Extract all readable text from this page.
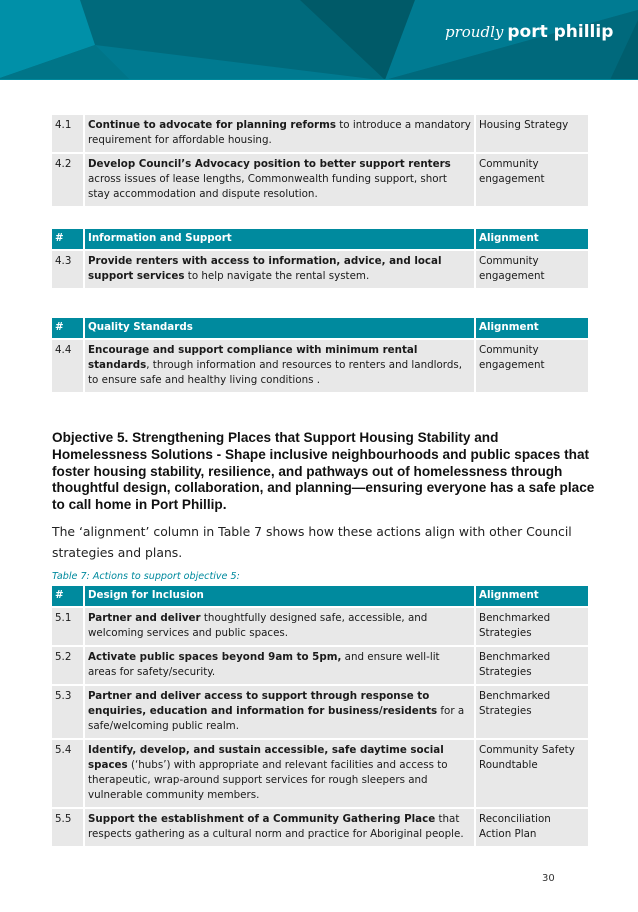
proudly port phillip
4.1	Continue to advocate for planning reforms to introduce a mandatory requirement for affordable housing.	Housing Strategy
4.2	Develop Council’s Advocacy position to better support renters across issues of lease lengths, Commonwealth funding support, short stay accommodation and dispute resolution.	Community engagement
#	Information and Support	Alignment
4.3	Provide renters with access to information, advice, and local support services to help navigate the rental system.	Community engagement
#	Quality Standards	Alignment
4.4	Encourage and support compliance with minimum rental standards, through information and resources to renters and landlords, to ensure safe and healthy living conditions .	Community engagement
Objective 5. Strengthening Places that Support Housing Stability and Homelessness Solutions - Shape inclusive neighbourhoods and public spaces that foster housing stability, resilience, and pathways out of homelessness through thoughtful design, collaboration, and planning—ensuring everyone has a safe place to call home in Port Phillip.
The ‘alignment’ column in Table 7 shows how these actions align with other Council strategies and plans.
Table 7: Actions to support objective 5:
#	Design for Inclusion	Alignment
5.1	Partner and deliver thoughtfully designed safe, accessible, and welcoming services and public spaces.	Benchmarked Strategies
5.2	Activate public spaces beyond 9am to 5pm, and ensure well-lit areas for safety/security.	Benchmarked Strategies
5.3	Partner and deliver access to support through response to enquiries, education and information for business/residents for a safe/welcoming public realm.	Benchmarked Strategies
5.4	Identify, develop, and sustain accessible, safe daytime social spaces (‘hubs’) with appropriate and relevant facilities and access to therapeutic, wrap-around support services for rough sleepers and vulnerable community members.	Community Safety Roundtable
5.5	Support the establishment of a Community Gathering Place that respects gathering as a cultural norm and practice for Aboriginal people.	Reconciliation Action Plan
30
